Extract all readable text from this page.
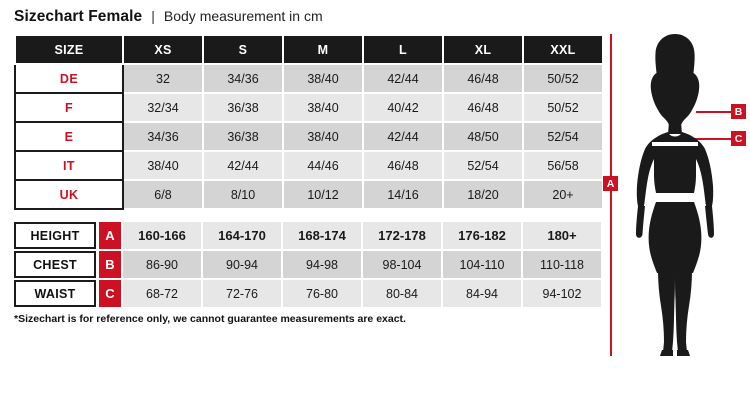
Sizechart Female | Body measurement in cm
SIZE	XS	S	M	L	XL	XXL
DE	32	34/36	38/40	42/44	46/48	50/52
F	32/34	36/38	38/40	40/42	46/48	50/52
E	34/36	36/38	38/40	42/44	48/50	52/54
IT	38/40	42/44	44/46	46/48	52/54	56/58
UK	6/8	8/10	10/12	14/16	18/20	20+
HEIGHT A	160-166	164-170	168-174	172-178	176-182	180+

CHEST B	86-90	90-94	94-98	98-104	104-110	110-118

WAIST C	68-72	72-76	76-80	80-84	84-94	94-102
*Sizechart is for reference only, we cannot guarantee measurements are exact.
A
B
C
